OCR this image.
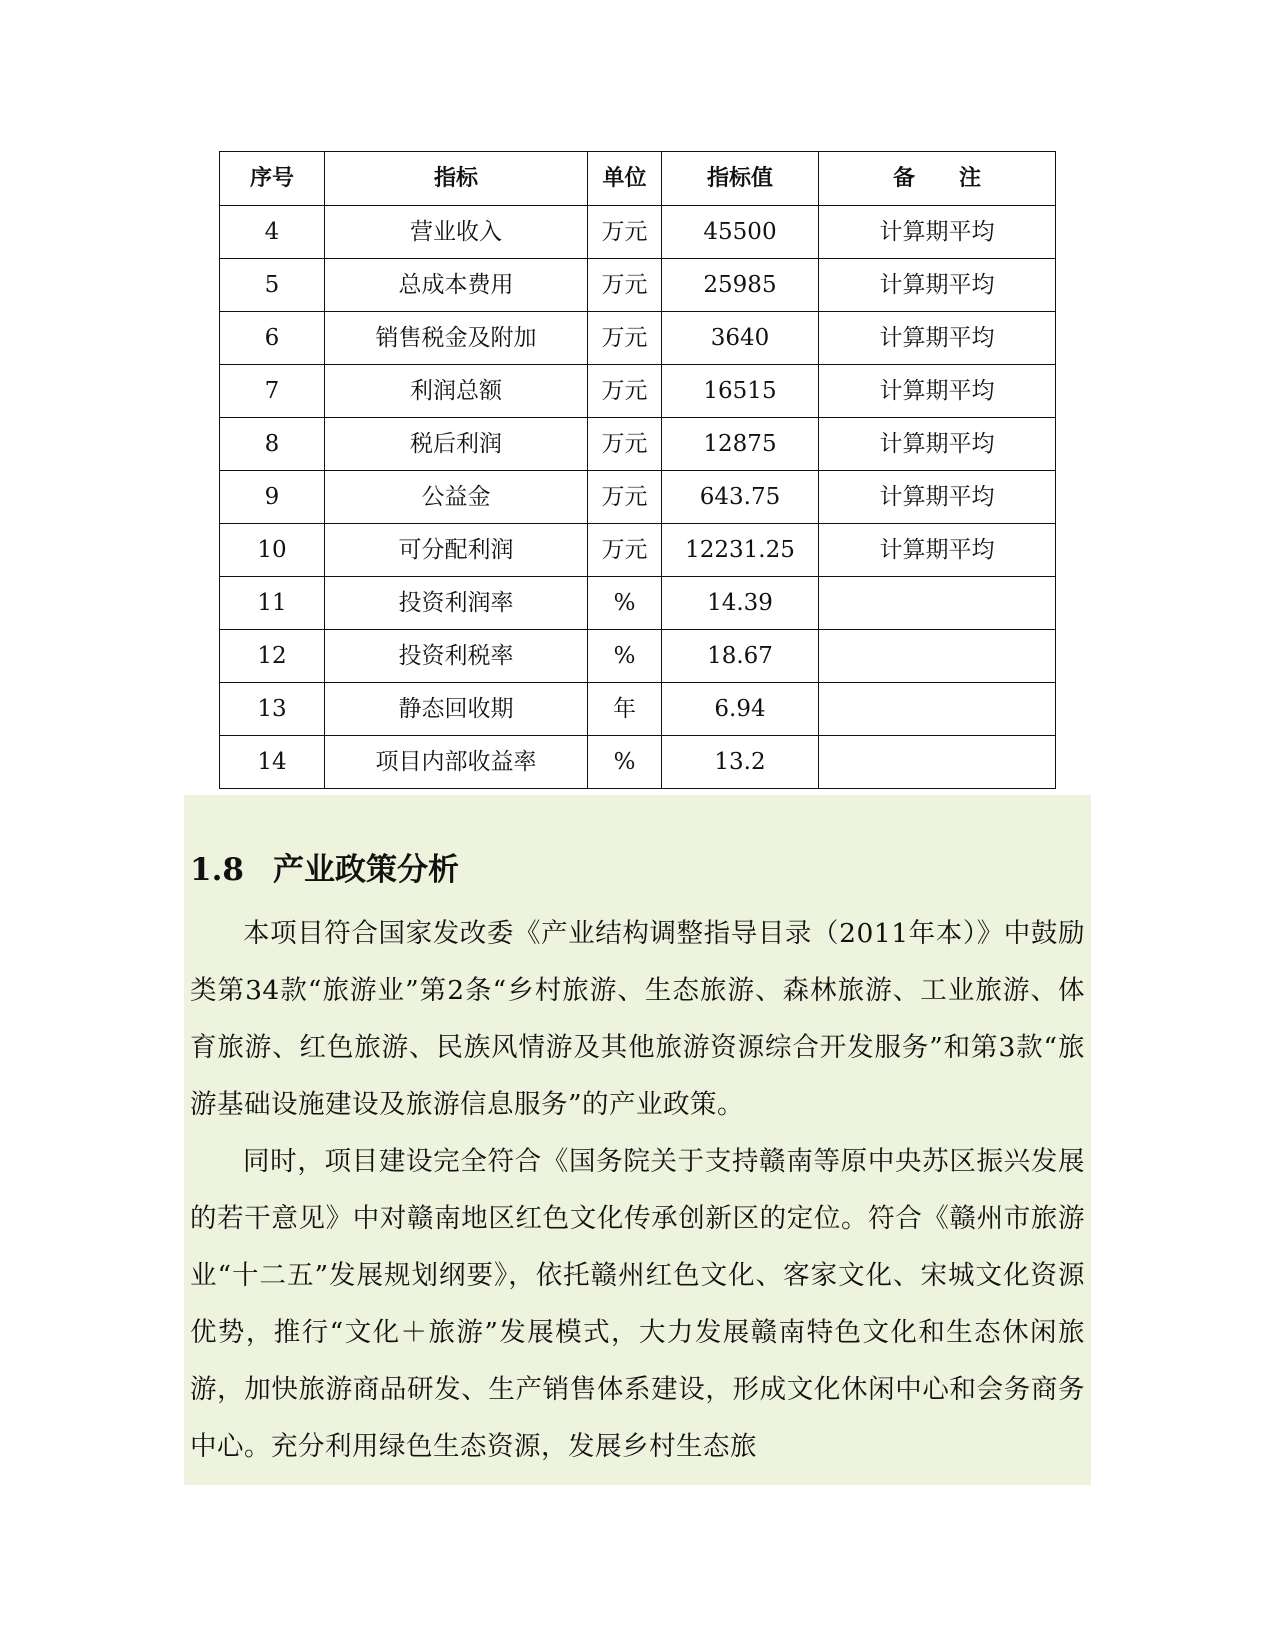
序号	指标	单位	指标值	备　　注
4	营业收入	万元	45500	计算期平均
5	总成本费用	万元	25985	计算期平均
6	销售税金及附加	万元	3640	计算期平均
7	利润总额	万元	16515	计算期平均
8	税后利润	万元	12875	计算期平均
9	公益金	万元	643.75	计算期平均
10	可分配利润	万元	12231.25	计算期平均
11	投资利润率	%	14.39	
12	投资利税率	%	18.67	
13	静态回收期	年	6.94	
14	项目内部收益率	%	13.2	
1.8 产业政策分析

本项目符合国家发改委《产业结构调整指导目录（2011年本）》中鼓励类第34款“旅游业”第2条“乡村旅游、生态旅游、森林旅游、工业旅游、体育旅游、红色旅游、民族风情游及其他旅游资源综合开发服务”和第3款“旅游基础设施建设及旅游信息服务”的产业政策。

同时，项目建设完全符合《国务院关于支持赣南等原中央苏区振兴发展的若干意见》中对赣南地区红色文化传承创新区的定位。符合《赣州市旅游业“十二五”发展规划纲要》，依托赣州红色文化、客家文化、宋城文化资源优势，推行“文化＋旅游”发展模式，大力发展赣南特色文化和生态休闲旅游，加快旅游商品研发、生产销售体系建设，形成文化休闲中心和会务商务中心。充分利用绿色生态资源，发展乡村生态旅
